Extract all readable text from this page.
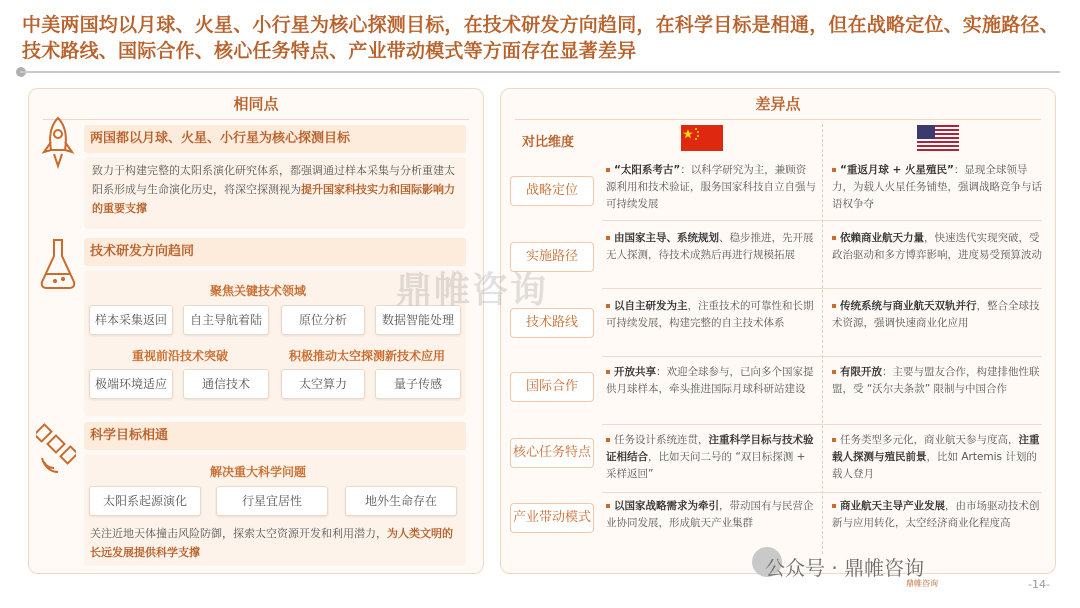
中美两国均以月球、火星、小行星为核心探测目标，在技术研发方向趋同，在科学目标是相通，但在战略定位、实施路径、技术路线、国际合作、核心任务特点、产业带动模式等方面存在显著差异
相同点
两国都以月球、火星、小行星为核心探测目标
致力于构建完整的太阳系演化研究体系，都强调通过样本采集与分析重建太阳系形成与生命演化历史，将深空探测视为提升国家科技实力和国际影响力的重要支撑
技术研发方向趋同
聚焦关键技术领域
样本采集返回	自主导航着陆	原位分析	数据智能处理
重视前沿技术突破	积极推动太空探测新技术应用
极端环境适应	通信技术	太空算力	量子传感
科学目标相通
解决重大科学问题
太阳系起源演化	行星宜居性	地外生命存在
关注近地天体撞击风险防御，探索太空资源开发和利用潜力，为人类文明的长远发展提供科学支撑
差异点
对比维度
战略定位
“太阳系考古”：以科学研究为主，兼顾资源利用和技术验证，服务国家科技自立自强与可持续发展
“重返月球 + 火星殖民”：显现全球领导力，为载人火星任务铺垫，强调战略竞争与话语权争夺
实施路径
由国家主导、系统规划、稳步推进，先开展无人探测，待技术成熟后再进行规模拓展
依赖商业航天力量，快速迭代实现突破，受政治驱动和多方博弈影响，进度易受预算波动
技术路线
以自主研发为主，注重技术的可靠性和长期可持续发展，构建完整的自主技术体系
传统系统与商业航天双轨并行，整合全球技术资源，强调快速商业化应用
国际合作
开放共享：欢迎全球参与，已向多个国家提供月球样本，牵头推进国际月球科研站建设
有限开放：主要与盟友合作，构建排他性联盟，受 “沃尔夫条款” 限制与中国合作
核心任务特点
任务设计系统连贯，注重科学目标与技术验证相结合，比如天问二号的 “双目标探测 + 采样返回”
任务类型多元化，商业航天参与度高，注重载人探测与殖民前景，比如 Artemis 计划的载人登月
产业带动模式
以国家战略需求为牵引，带动国有与民营企业协同发展，形成航天产业集群
商业航天主导产业发展，由市场驱动技术创新与应用转化，太空经济商业化程度高
鼎帷咨询
公众号 · 鼎帷咨询
鼎帷咨询	-14-
